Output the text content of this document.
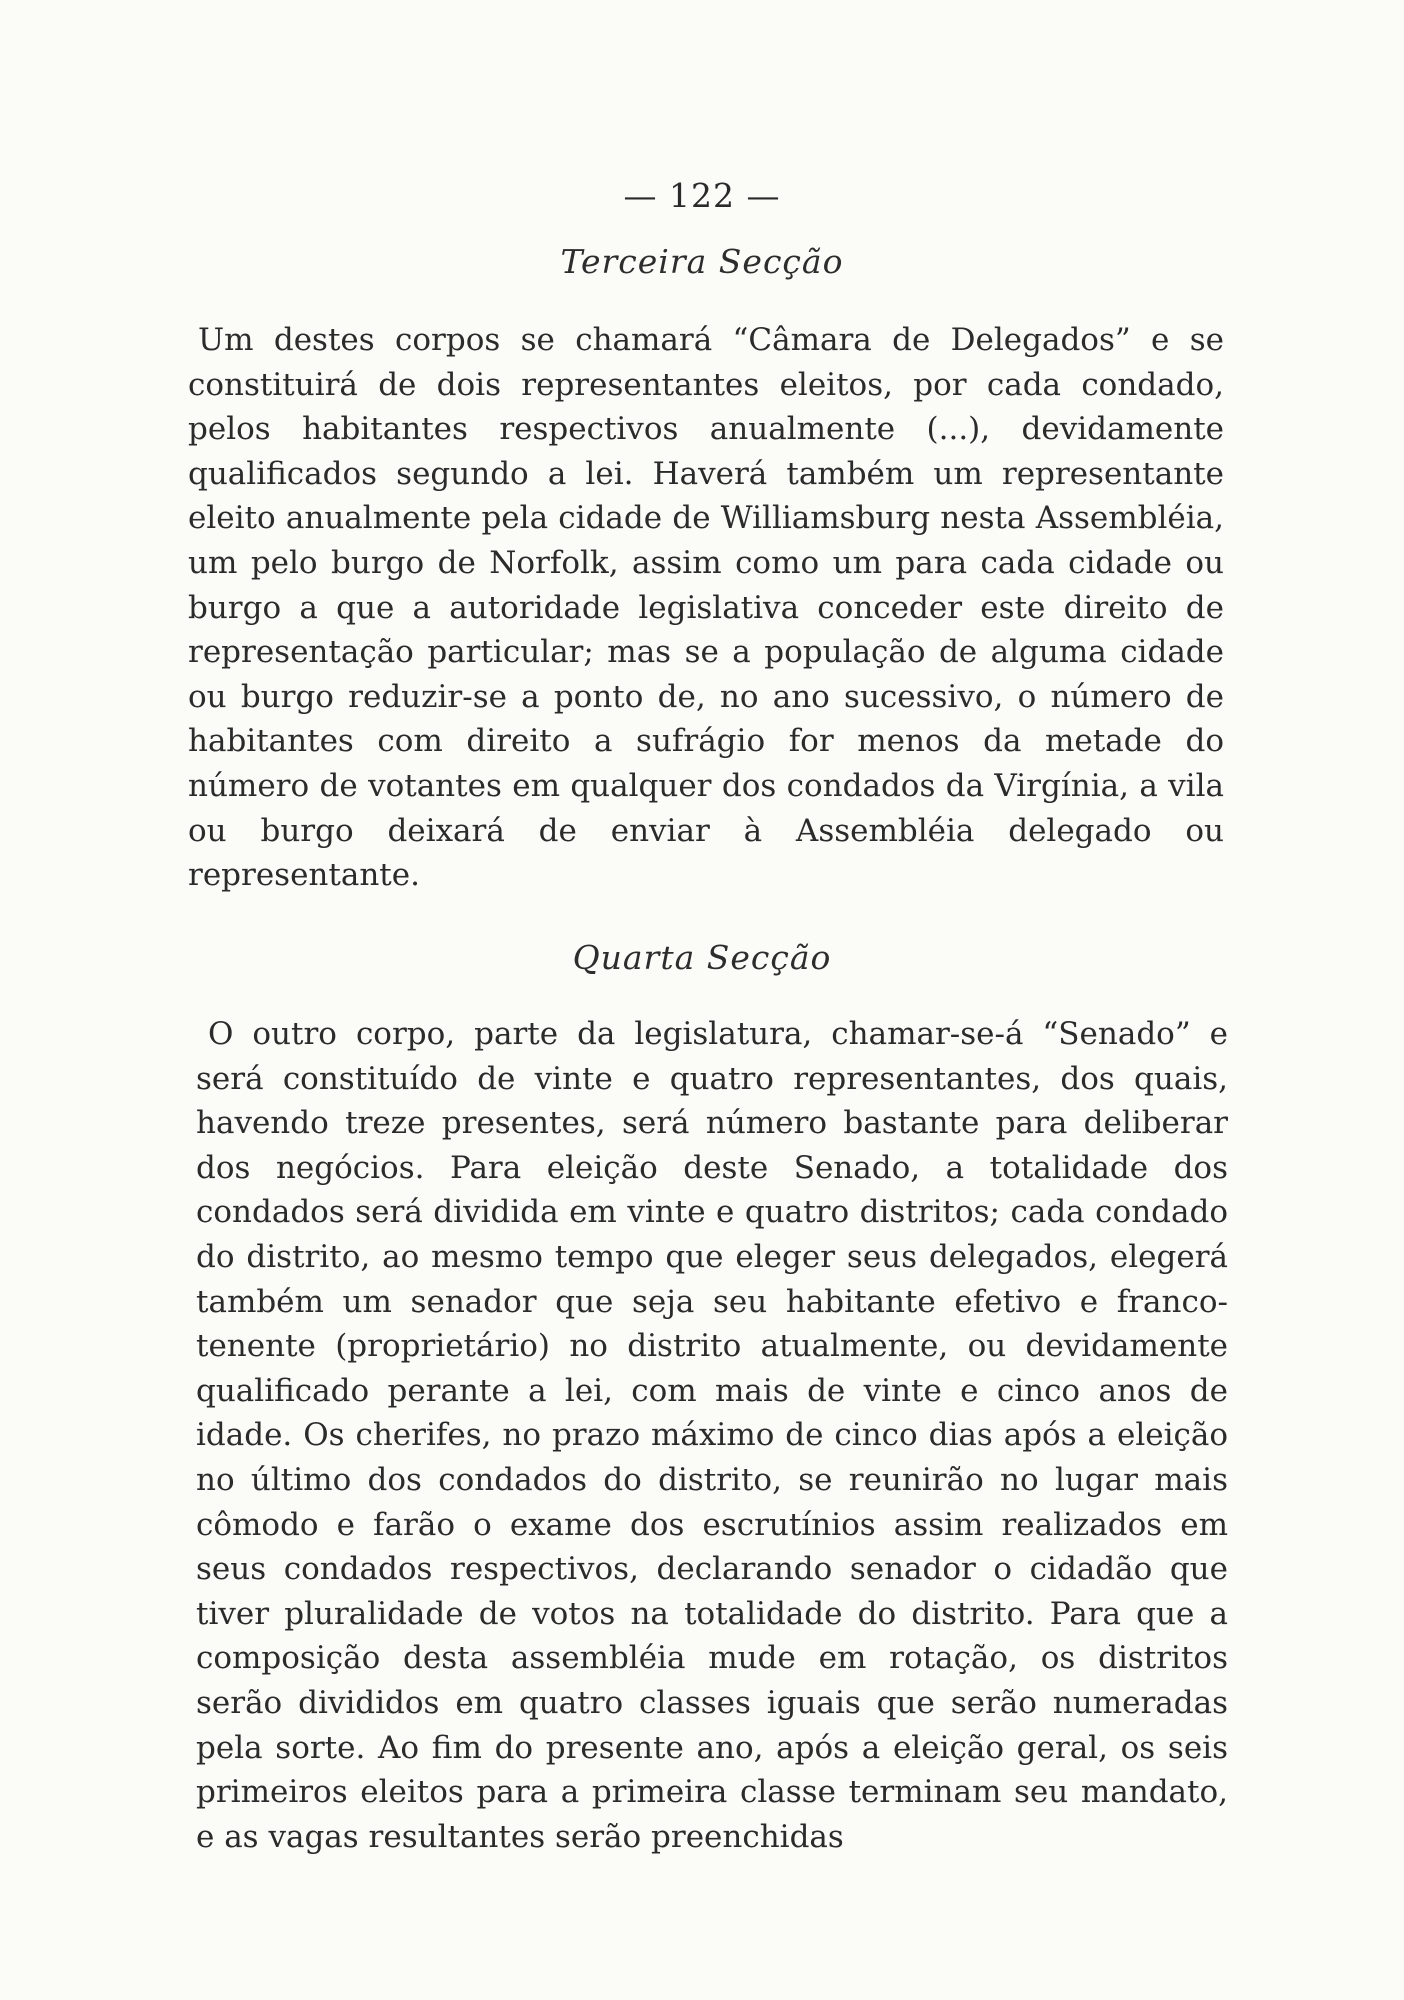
— 122 —
Terceira Secção

Um destes corpos se chamará “Câmara de Delegados” e se constituirá de dois representantes eleitos, por cada condado, pelos habitantes respectivos anualmente (...), devidamente qualificados segundo a lei. Haverá também um representante eleito anualmente pela cidade de Williamsburg nesta Assembléia, um pelo burgo de Norfolk, assim como um para cada cidade ou burgo a que a autoridade legislativa conceder este direito de representação particular; mas se a população de alguma cidade ou burgo reduzir-se a ponto de, no ano sucessivo, o número de habitantes com direito a sufrágio for menos da metade do número de votantes em qualquer dos condados da Virgínia, a vila ou burgo deixará de enviar à Assembléia delegado ou representante.

Quarta Secção

O outro corpo, parte da legislatura, chamar-se-á “Senado” e será constituído de vinte e quatro representantes, dos quais, havendo treze presentes, será número bastante para deliberar dos negócios. Para eleição deste Senado, a totalidade dos condados será dividida em vinte e quatro distritos; cada condado do distrito, ao mesmo tempo que eleger seus delegados, elegerá também um senador que seja seu habitante efetivo e franco-tenente (proprietário) no distrito atualmente, ou devidamente qualificado perante a lei, com mais de vinte e cinco anos de idade. Os cherifes, no prazo máximo de cinco dias após a eleição no último dos condados do distrito, se reunirão no lugar mais cômodo e farão o exame dos escrutínios assim realizados em seus condados respectivos, declarando senador o cidadão que tiver pluralidade de votos na totalidade do distrito. Para que a composição desta assembléia mude em rotação, os distritos serão divididos em quatro classes iguais que serão numeradas pela sorte. Ao fim do presente ano, após a eleição geral, os seis primeiros eleitos para a primeira classe terminam seu mandato, e as vagas resultantes serão preenchidas
